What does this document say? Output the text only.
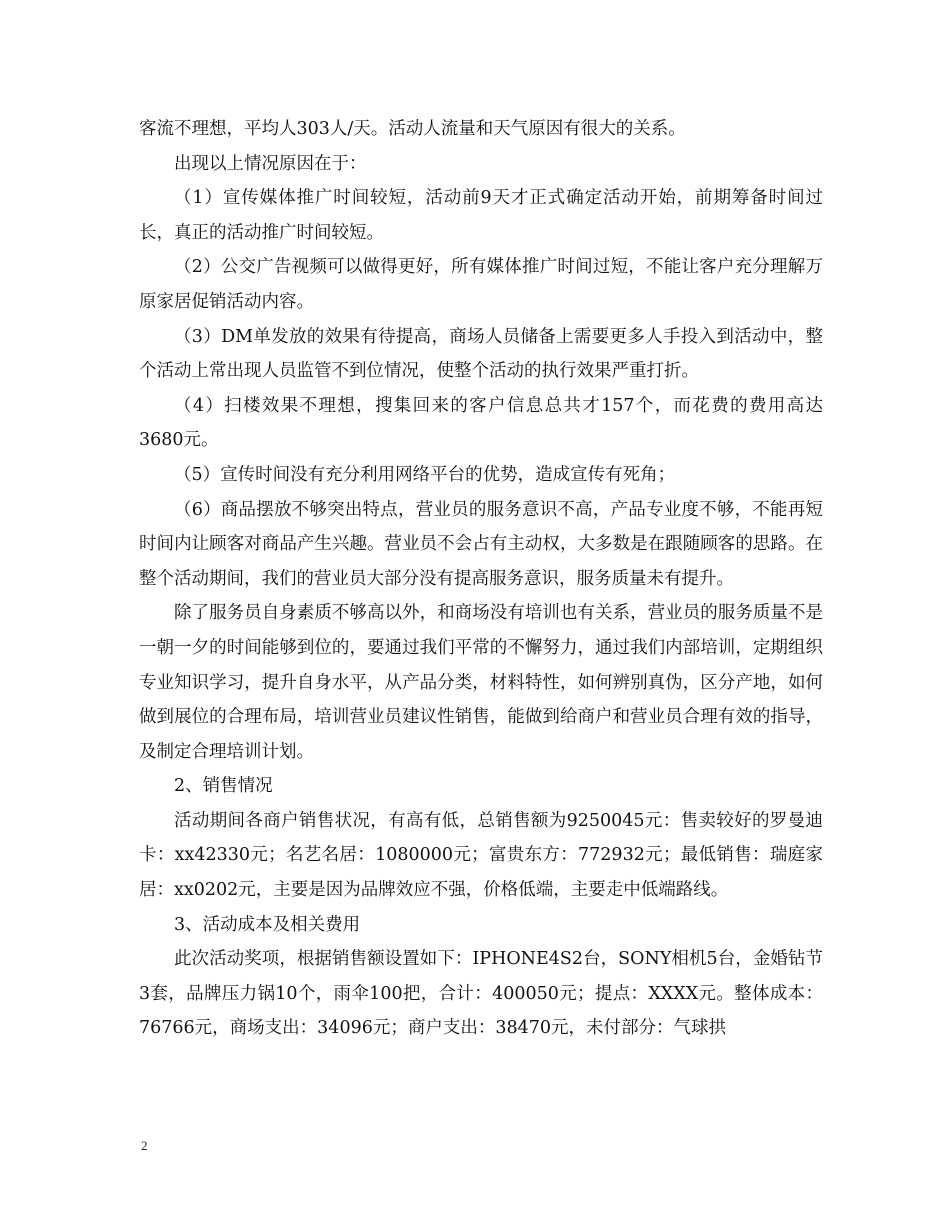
客流不理想，平均人303人/天。活动人流量和天气原因有很大的关系。

出现以上情况原因在于：

（1）宣传媒体推广时间较短，活动前9天才正式确定活动开始，前期筹备时间过长，真正的活动推广时间较短。

（2）公交广告视频可以做得更好，所有媒体推广时间过短，不能让客户充分理解万原家居促销活动内容。

（3）DM单发放的效果有待提高，商场人员储备上需要更多人手投入到活动中，整个活动上常出现人员监管不到位情况，使整个活动的执行效果严重打折。

（4）扫楼效果不理想，搜集回来的客户信息总共才157个，而花费的费用高达3680元。

（5）宣传时间没有充分利用网络平台的优势，造成宣传有死角；

（6）商品摆放不够突出特点，营业员的服务意识不高，产品专业度不够，不能再短时间内让顾客对商品产生兴趣。营业员不会占有主动权，大多数是在跟随顾客的思路。在整个活动期间，我们的营业员大部分没有提高服务意识，服务质量未有提升。

除了服务员自身素质不够高以外，和商场没有培训也有关系，营业员的服务质量不是一朝一夕的时间能够到位的，要通过我们平常的不懈努力，通过我们内部培训，定期组织专业知识学习，提升自身水平，从产品分类，材料特性，如何辨别真伪，区分产地，如何做到展位的合理布局，培训营业员建议性销售，能做到给商户和营业员合理有效的指导，及制定合理培训计划。

2、销售情况

活动期间各商户销售状况，有高有低，总销售额为9250045元：售卖较好的罗曼迪卡：xx42330元；名艺名居：1080000元；富贵东方：772932元；最低销售：瑞庭家居：xx0202元，主要是因为品牌效应不强，价格低端，主要走中低端路线。

3、活动成本及相关费用

此次活动奖项，根据销售额设置如下：IPHONE4S2台，SONY相机5台，金婚钻节3套，品牌压力锅10个，雨伞100把，合计：400050元；提点：XXXX元。整体成本：76766元，商场支出：34096元；商户支出：38470元，未付部分：气球拱

2
